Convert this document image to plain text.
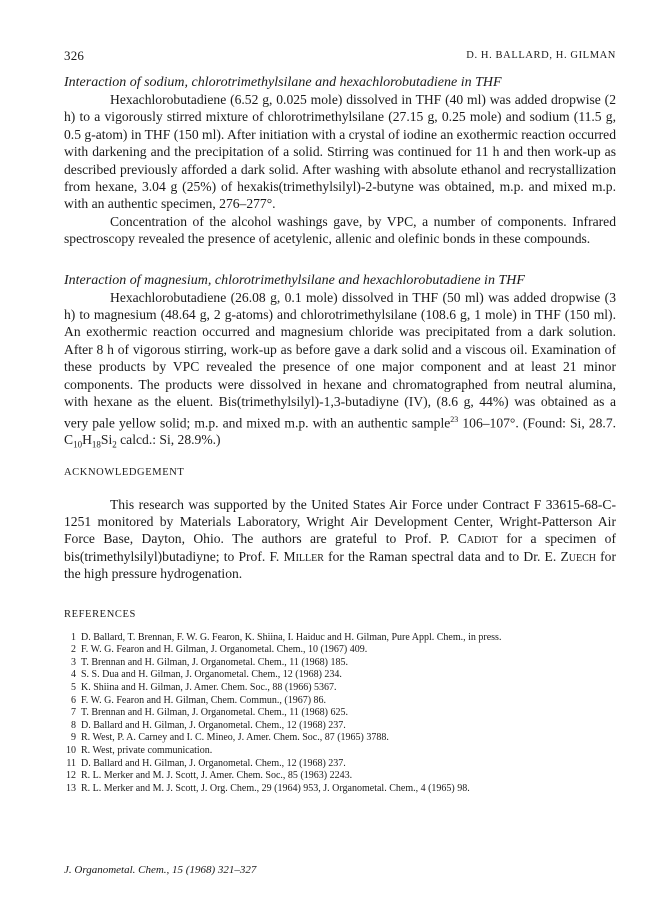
326	D. H. BALLARD, H. GILMAN
Interaction of sodium, chlorotrimethylsilane and hexachlorobutadiene in THF

Hexachlorobutadiene (6.52 g, 0.025 mole) dissolved in THF (40 ml) was added dropwise (2 h) to a vigorously stirred mixture of chlorotrimethylsilane (27.15 g, 0.25 mole) and sodium (11.5 g, 0.5 g-atom) in THF (150 ml). After initiation with a crystal of iodine an exothermic reaction occurred with darkening and the precipitation of a solid. Stirring was continued for 11 h and then work-up as described previously afforded a dark solid. After washing with absolute ethanol and recrystallization from hexane, 3.04 g (25%) of hexakis(trimethylsilyl)-2-butyne was obtained, m.p. and mixed m.p. with an authentic specimen, 276–277°.

Concentration of the alcohol washings gave, by VPC, a number of components. Infrared spectroscopy revealed the presence of acetylenic, allenic and olefinic bonds in these compounds.

Interaction of magnesium, chlorotrimethylsilane and hexachlorobutadiene in THF

Hexachlorobutadiene (26.08 g, 0.1 mole) dissolved in THF (50 ml) was added dropwise (3 h) to magnesium (48.64 g, 2 g-atoms) and chlorotrimethylsilane (108.6 g, 1 mole) in THF (150 ml). An exothermic reaction occurred and magnesium chloride was precipitated from a dark solution. After 8 h of vigorous stirring, work-up as before gave a dark solid and a viscous oil. Examination of these products by VPC revealed the presence of one major component and at least 21 minor components. The products were dissolved in hexane and chromatographed from neutral alumina, with hexane as the eluent. Bis(trimethylsilyl)-1,3-butadiyne (IV), (8.6 g, 44%) was obtained as a very pale yellow solid; m.p. and mixed m.p. with an authentic sample$^{23}$ 106–107°. (Found: Si, 28.7. $C_{10}H_{18}Si_2$ calcd.: Si, 28.9%.)

ACKNOWLEDGEMENT

This research was supported by the United States Air Force under Contract F 33615-68-C-1251 monitored by Materials Laboratory, Wright Air Development Center, Wright-Patterson Air Force Base, Dayton, Ohio. The authors are grateful to Prof. P. Cadiot for a specimen of bis(trimethylsilyl)butadiyne; to Prof. F. Miller for the Raman spectral data and to Dr. E. Zuech for the high pressure hydrogenation.

REFERENCES
1 D. Ballard, T. Brennan, F. W. G. Fearon, K. Shiina, I. Haiduc and H. Gilman, Pure Appl. Chem., in press.
2 F. W. G. Fearon and H. Gilman, J. Organometal. Chem., 10 (1967) 409.
3 T. Brennan and H. Gilman, J. Organometal. Chem., 11 (1968) 185.
4 S. S. Dua and H. Gilman, J. Organometal. Chem., 12 (1968) 234.
5 K. Shiina and H. Gilman, J. Amer. Chem. Soc., 88 (1966) 5367.
6 F. W. G. Fearon and H. Gilman, Chem. Commun., (1967) 86.
7 T. Brennan and H. Gilman, J. Organometal. Chem., 11 (1968) 625.
8 D. Ballard and H. Gilman, J. Organometal. Chem., 12 (1968) 237.
9 R. West, P. A. Carney and I. C. Mineo, J. Amer. Chem. Soc., 87 (1965) 3788.
10 R. West, private communication.
11 D. Ballard and H. Gilman, J. Organometal. Chem., 12 (1968) 237.
12 R. L. Merker and M. J. Scott, J. Amer. Chem. Soc., 85 (1963) 2243.
13 R. L. Merker and M. J. Scott, J. Org. Chem., 29 (1964) 953, J. Organometal. Chem., 4 (1965) 98.
J. Organometal. Chem., 15 (1968) 321–327
